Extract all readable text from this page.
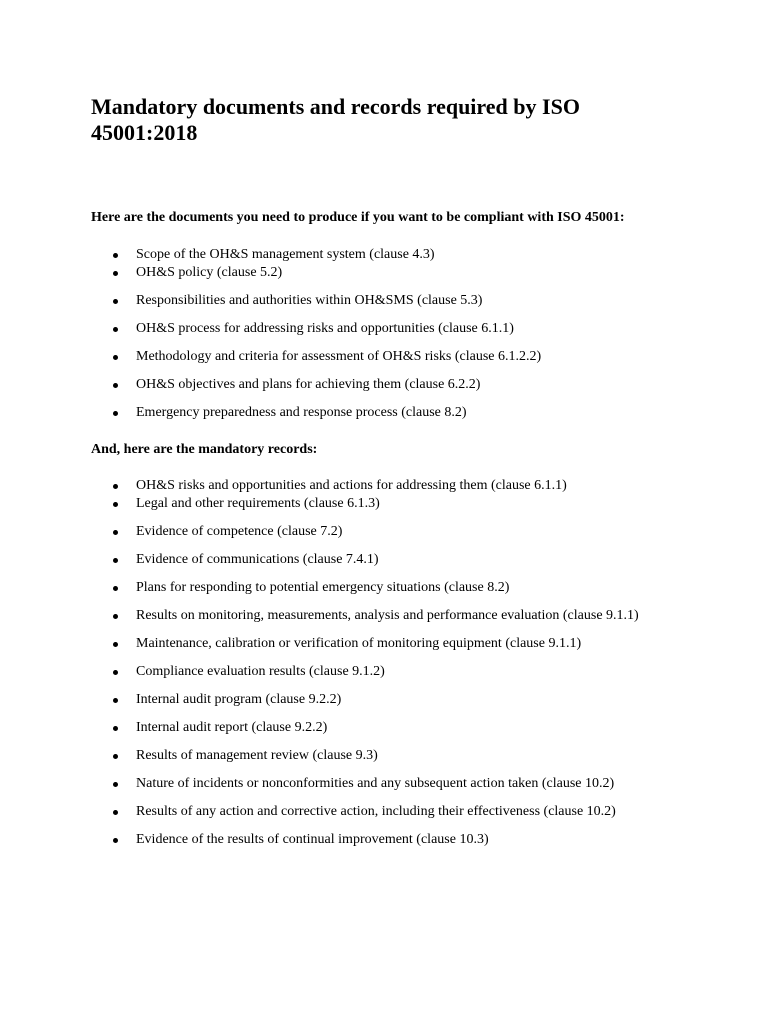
Mandatory documents and records required by ISO 45001:2018

Here are the documents you need to produce if you want to be compliant with ISO 45001:

Scope of the OH&S management system (clause 4.3)
OH&S policy (clause 5.2)
Responsibilities and authorities within OH&SMS (clause 5.3)
OH&S process for addressing risks and opportunities (clause 6.1.1)
Methodology and criteria for assessment of OH&S risks (clause 6.1.2.2)
OH&S objectives and plans for achieving them (clause 6.2.2)
Emergency preparedness and response process (clause 8.2)

And, here are the mandatory records:

OH&S risks and opportunities and actions for addressing them (clause 6.1.1)
Legal and other requirements (clause 6.1.3)
Evidence of competence (clause 7.2)
Evidence of communications (clause 7.4.1)
Plans for responding to potential emergency situations (clause 8.2)
Results on monitoring, measurements, analysis and performance evaluation (clause 9.1.1)
Maintenance, calibration or verification of monitoring equipment (clause 9.1.1)
Compliance evaluation results (clause 9.1.2)
Internal audit program (clause 9.2.2)
Internal audit report (clause 9.2.2)
Results of management review (clause 9.3)
Nature of incidents or nonconformities and any subsequent action taken (clause 10.2)
Results of any action and corrective action, including their effectiveness (clause 10.2)
Evidence of the results of continual improvement (clause 10.3)
